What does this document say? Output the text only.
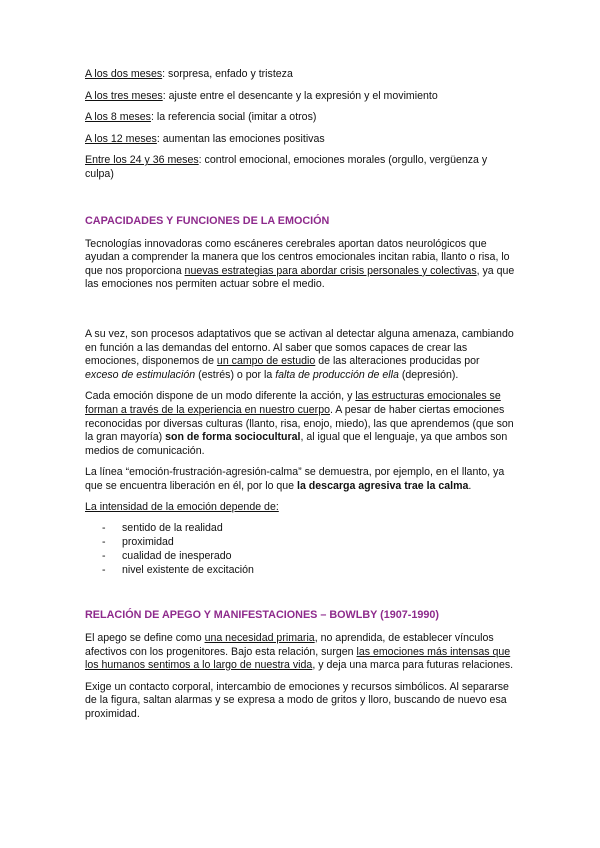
A los dos meses: sorpresa, enfado y tristeza

A los tres meses: ajuste entre el desencante y la expresión y el movimiento

A los 8 meses: la referencia social (imitar a otros)

A los 12 meses: aumentan las emociones positivas

Entre los 24 y 36 meses: control emocional, emociones morales (orgullo, vergüenza y culpa)

CAPACIDADES Y FUNCIONES DE LA EMOCIÓN

Tecnologías innovadoras como escáneres cerebrales aportan datos neurológicos que ayudan a comprender la manera que los centros emocionales incitan rabia, llanto o risa, lo que nos proporciona nuevas estrategias para abordar crisis personales y colectivas, ya que las emociones nos permiten actuar sobre el medio.

A su vez, son procesos adaptativos que se activan al detectar alguna amenaza, cambiando en función a las demandas del entorno. Al saber que somos capaces de crear las emociones, disponemos de un campo de estudio de las alteraciones producidas por exceso de estimulación (estrés) o por la falta de producción de ella (depresión).

Cada emoción dispone de un modo diferente la acción, y las estructuras emocionales se forman a través de la experiencia en nuestro cuerpo. A pesar de haber ciertas emociones reconocidas por diversas culturas (llanto, risa, enojo, miedo), las que aprendemos (que son la gran mayoría) son de forma sociocultural, al igual que el lenguaje, ya que ambos son medios de comunicación.

La línea “emoción-frustración-agresión-calma” se demuestra, por ejemplo, en el llanto, ya que se encuentra liberación en él, por lo que la descarga agresiva trae la calma.

La intensidad de la emoción depende de:

- sentido de la realidad
- proximidad
- cualidad de inesperado
- nivel existente de excitación
RELACIÓN DE APEGO Y MANIFESTACIONES – BOWLBY (1907-1990)

El apego se define como una necesidad primaria, no aprendida, de establecer vínculos afectivos con los progenitores. Bajo esta relación, surgen las emociones más intensas que los humanos sentimos a lo largo de nuestra vida, y deja una marca para futuras relaciones.

Exige un contacto corporal, intercambio de emociones y recursos simbólicos. Al separarse de la figura, saltan alarmas y se expresa a modo de gritos y lloro, buscando de nuevo esa proximidad.
